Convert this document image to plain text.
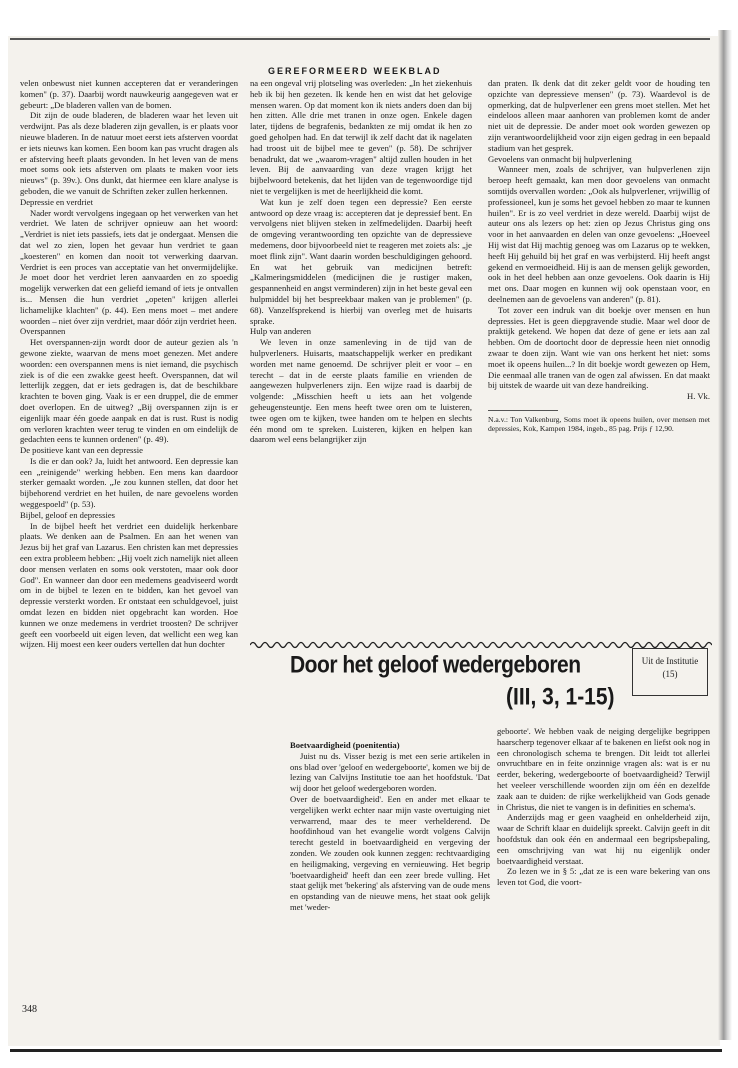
GEREFORMEERD WEEKBLAD

velen onbewust niet kunnen accepteren dat er veranderingen komen" (p. 37). Daarbij wordt nauwkeurig aangegeven wat er gebeurt: „De bladeren vallen van de bomen.

Dit zijn de oude bladeren, de bladeren waar het leven uit verdwijnt. Pas als deze bladeren zijn gevallen, is er plaats voor nieuwe bladeren. In de natuur moet eerst iets afsterven voordat er iets nieuws kan komen. Een boom kan pas vrucht dragen als er afsterving heeft plaats gevonden. In het leven van de mens moet soms ook iets afsterven om plaats te maken voor iets nieuws" (p. 39v.). Ons dunkt, dat hiermee een klare analyse is geboden, die we vanuit de Schriften zeker zullen herkennen.

Depressie en verdriet

Nader wordt vervolgens ingegaan op het verwerken van het verdriet. We laten de schrijver opnieuw aan het woord: „Verdriet is niet iets passiefs, iets dat je ondergaat. Mensen die dat wel zo zien, lopen het gevaar hun verdriet te gaan „koesteren" en komen dan nooit tot verwerking daarvan. Verdriet is een proces van acceptatie van het onvermijdelijke. Je moet door het verdriet leren aanvaarden en zo spoedig mogelijk verwerken dat een geliefd iemand of iets je ontvallen is... Mensen die hun verdriet „opeten" krijgen allerlei lichamelijke klachten" (p. 44). Een mens moet – met andere woorden – niet óver zijn verdriet, maar dóór zijn verdriet heen.

Overspannen

Het overspannen-zijn wordt door de auteur gezien als 'n gewone ziekte, waarvan de mens moet genezen. Met andere woorden: een overspannen mens is niet iemand, die psychisch ziek is of die een zwakke geest heeft. Overspannen, dat wil letterlijk zeggen, dat er iets gedragen is, dat de beschikbare krachten te boven ging. Vaak is er een druppel, die de emmer doet overlopen. En de uitweg? „Bij overspannen zijn is er eigenlijk maar één goede aanpak en dat is rust. Rust is nodig om verloren krachten weer terug te vinden en om eindelijk de gedachten eens te kunnen ordenen" (p. 49).

De positieve kant van een depressie

Is die er dan ook? Ja, luidt het antwoord. Een depressie kan een „reinigende" werking hebben. Een mens kan daardoor sterker gemaakt worden. „Je zou kunnen stellen, dat door het bijbehorend verdriet en het huilen, de nare gevoelens worden weggespoeld" (p. 53).

Bijbel, geloof en depressies

In de bijbel heeft het verdriet een duidelijk herkenbare plaats. We denken aan de Psalmen. En aan het wenen van Jezus bij het graf van Lazarus. Een christen kan met depressies een extra probleem hebben: „Hij voelt zich namelijk niet alleen door mensen verlaten en soms ook verstoten, maar ook door God". En wanneer dan door een medemens geadviseerd wordt om in de bijbel te lezen en te bidden, kan het gevoel van depressie versterkt worden. Er ontstaat een schuldgevoel, juist omdat lezen en bidden niet opgebracht kan worden. Hoe kunnen we onze medemens in verdriet troosten? De schrijver geeft een voorbeeld uit eigen leven, dat wellicht een weg kan wijzen. Hij moest een keer ouders vertellen dat hun dochter

na een ongeval vrij plotseling was overleden: „In het ziekenhuis heb ik bij hen gezeten. Ik kende hen en wist dat het gelovige mensen waren. Op dat moment kon ik niets anders doen dan bij hen zitten. Alle drie met tranen in onze ogen. Enkele dagen later, tijdens de begrafenis, bedankten ze mij omdat ik hen zo goed geholpen had. En dat terwijl ik zelf dacht dat ik nagelaten had troost uit de bijbel mee te geven" (p. 58). De schrijver benadrukt, dat we „waarom-vragen" altijd zullen houden in het leven. Bij de aanvaarding van deze vragen krijgt het bijbelwoord betekenis, dat het lijden van de tegenwoordige tijd niet te vergelijken is met de heerlijkheid die komt.

Wat kun je zelf doen tegen een depressie? Een eerste antwoord op deze vraag is: accepteren dat je depressief bent. En vervolgens niet blijven steken in zelfmedelijden. Daarbij heeft de omgeving verantwoording ten opzichte van de depressieve medemens, door bijvoorbeeld niet te reageren met zoiets als: „je moet flink zijn". Want daarin worden beschuldigingen gehoord. En wat het gebruik van medicijnen betreft: „Kalmeringsmiddelen (medicijnen die je rustiger maken, gespannenheid en angst verminderen) zijn in het beste geval een hulpmiddel bij het bespreekbaar maken van je problemen" (p. 68). Vanzelfsprekend is hierbij van overleg met de huisarts sprake.

Hulp van anderen

We leven in onze samenleving in de tijd van de hulpverleners. Huisarts, maatschappelijk werker en predikant worden met name genoemd. De schrijver pleit er voor – en terecht – dat in de eerste plaats familie en vrienden de aangewezen hulpverleners zijn. Een wijze raad is daarbij de volgende: „Misschien heeft u iets aan het volgende geheugensteuntje. Een mens heeft twee oren om te luisteren, twee ogen om te kijken, twee handen om te helpen en slechts één mond om te spreken. Luisteren, kijken en helpen kan daarom wel eens belangrijker zijn

dan praten. Ik denk dat dit zeker geldt voor de houding ten opzichte van depressieve mensen" (p. 73). Waardevol is de opmerking, dat de hulpverlener een grens moet stellen. Met het eindeloos alleen maar aanhoren van problemen komt de ander niet uit de depressie. De ander moet ook worden gewezen op zijn verantwoordelijkheid voor zijn eigen gedrag in een bepaald stadium van het gesprek.

Gevoelens van onmacht bij hulpverlening

Wanneer men, zoals de schrijver, van hulpverlenen zijn beroep heeft gemaakt, kan men door gevoelens van onmacht somtijds overvallen worden: „Ook als hulpverlener, vrijwillig of professioneel, kun je soms het gevoel hebben zo maar te kunnen huilen". Er is zo veel verdriet in deze wereld. Daarbij wijst de auteur ons als lezers op het: zien op Jezus Christus ging ons voor in het aanvaarden en delen van onze gevoelens: „Hoeveel Hij wist dat Hij machtig genoeg was om Lazarus op te wekken, heeft Hij gehuild bij het graf en was verbijsterd. Hij heeft angst gekend en vermoeidheid. Hij is aan de mensen gelijk geworden, ook in het deel hebben aan onze gevoelens. Ook daarin is Hij met ons. Daar mogen en kunnen wij ook openstaan voor, en deelnemen aan de gevoelens van anderen" (p. 81).

Tot zover een indruk van dit boekje over mensen en hun depressies. Het is geen diepgravende studie. Maar wel door de praktijk getekend. We hopen dat deze of gene er iets aan zal hebben. Om de doortocht door de depressie heen niet onnodig zwaar te doen zijn. Want wie van ons herkent het niet: soms moet ik opeens huilen...? In dit boekje wordt gewezen op Hem, Die eenmaal alle tranen van de ogen zal afwissen. En dat maakt bij uitstek de waarde uit van deze handreiking.

H. Vk.

N.a.v.: Ton Valkenburg, Soms moet ik opeens huilen, over mensen met depressies, Kok, Kampen 1984, ingeb., 85 pag. Prijs ƒ 12,90.

Door het geloof wedergeboren
(III, 3, 1-15)
Uit de Institutie
(15)

Boetvaardigheid (poenitentia)

Juist nu ds. Visser bezig is met een serie artikelen in ons blad over 'geloof en wedergeboorte', komen we bij de lezing van Calvijns Institutie toe aan het hoofdstuk. 'Dat wij door het geloof wedergeboren worden.

Over de boetvaardigheid'. Een en ander met elkaar te vergelijken werkt echter naar mijn vaste overtuiging niet verwarrend, maar des te meer verhelderend. De hoofdinhoud van het evangelie wordt volgens Calvijn terecht gesteld in boetvaardigheid en vergeving der zonden. We zouden ook kunnen zeggen: rechtvaardiging en heiligmaking, vergeving en vernieuwing. Het begrip 'boetvaardigheid' heeft dan een zeer brede vulling. Het staat gelijk met 'bekering' als afsterving van de oude mens en opstanding van de nieuwe mens, het staat ook gelijk met 'weder-

geboorte'. We hebben vaak de neiging dergelijke begrippen haarscherp tegenover elkaar af te bakenen en liefst ook nog in een chronologisch schema te brengen. Dit leidt tot allerlei onvruchtbare en in feite onzinnige vragen als: wat is er nu eerder, bekering, wedergeboorte of boetvaardigheid? Terwijl het veeleer verschillende woorden zijn om één en dezelfde zaak aan te duiden: de rijke werkelijkheid van Gods genade in Christus, die niet te vangen is in definities en schema's.

Anderzijds mag er geen vaagheid en onhelderheid zijn, waar de Schrift klaar en duidelijk spreekt. Calvijn geeft in dit hoofdstuk dan ook één en andermaal een begripsbepaling, een omschrijving van wat hij nu eigenlijk onder boetvaardigheid verstaat.

Zo lezen we in § 5: „dat ze is een ware bekering van ons leven tot God, die voort-

348
